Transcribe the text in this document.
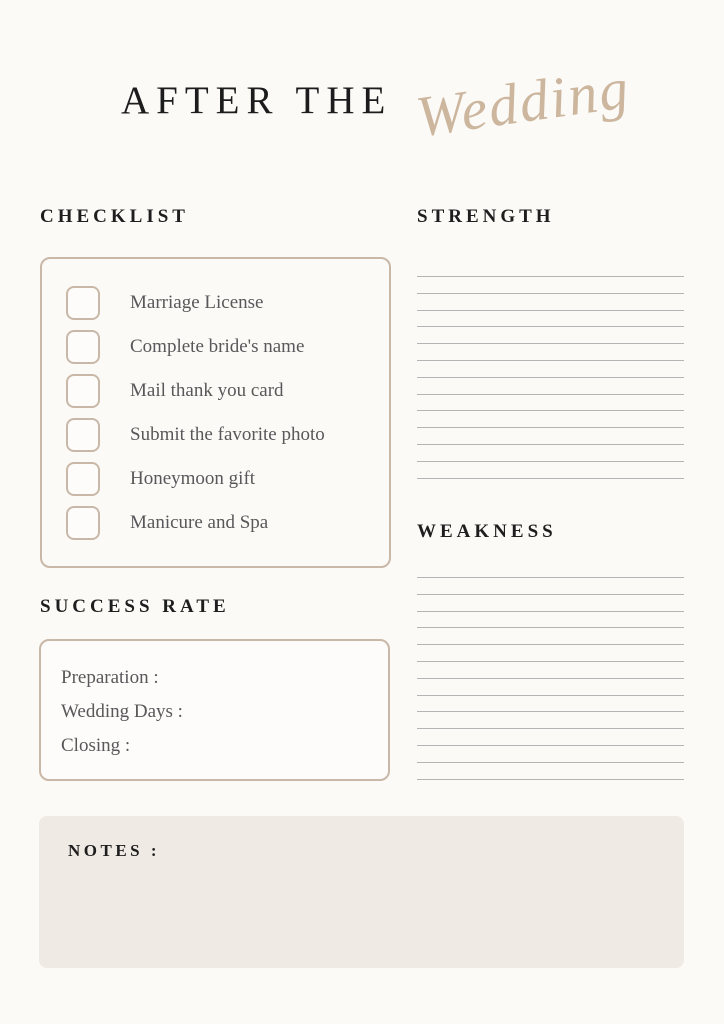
AFTER THE Wedding
CHECKLIST	STRENGTH
WEAKNESS
SUCCESS RATE
Marriage License
Complete bride's name
Mail thank you card
Submit the favorite photo
Honeymoon gift
Manicure and Spa
Preparation :
Wedding Days :
Closing :
NOTES :
